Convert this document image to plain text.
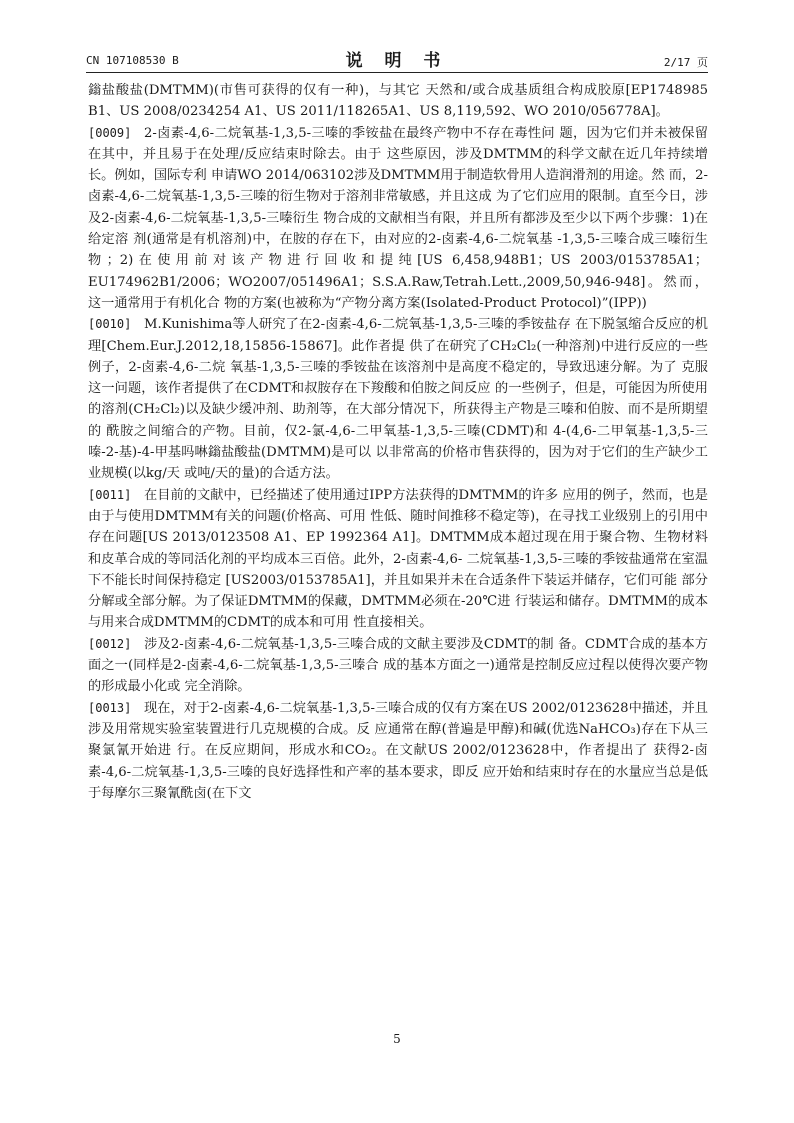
CN 107108530 B	说 明 书	2/17 页

鎓盐酸盐(DMTMM)(市售可获得的仅有一种)，与其它 天然和/或合成基质组合构成胶原[EP1748985 B1、US 2008/0234254 A1、US 2011/118265A1、US 8,119,592、WO 2010/056778A]。

[0009] 2-卤素-4,6-二烷氧基-1,3,5-三嗪的季铵盐在最终产物中不存在毒性问 题，因为它们并未被保留在其中，并且易于在处理/反应结束时除去。由于 这些原因，涉及DMTMM的科学文献在近几年持续增长。例如，国际专利 申请WO 2014/063102涉及DMTMM用于制造软骨用人造润滑剂的用途。然 而，2-卤素-4,6-二烷氧基-1,3,5-三嗪的衍生物对于溶剂非常敏感，并且这成 为了它们应用的限制。直至今日，涉及2-卤素-4,6-二烷氧基-1,3,5-三嗪衍生 物合成的文献相当有限，并且所有都涉及至少以下两个步骤：1)在给定溶 剂(通常是有机溶剂)中，在胺的存在下，由对应的2-卤素-4,6-二烷氧基 -1,3,5-三嗪合成三嗪衍生物；2)在使用前对该产物进行回收和提纯[US 6,458,948B1；US 2003/0153785A1；EU174962B1/2006；WO2007/051496A1；S.S.A.Raw,Tetrah.Lett.,2009,50,946-948]。然而，这一通常用于有机化合 物的方案(也被称为“产物分离方案(Isolated-Product Protocol)”(IPP))

[0010] M.Kunishima等人研究了在2-卤素-4,6-二烷氧基-1,3,5-三嗪的季铵盐存 在下脱氢缩合反应的机理[Chem.Eur.J.2012,18,15856-15867]。此作者提 供了在研究了CH₂Cl₂(一种溶剂)中进行反应的一些例子，2-卤素-4,6-二烷 氧基-1,3,5-三嗪的季铵盐在该溶剂中是高度不稳定的，导致迅速分解。为了 克服这一问题，该作者提供了在CDMT和叔胺存在下羧酸和伯胺之间反应 的一些例子，但是，可能因为所使用的溶剂(CH₂Cl₂)以及缺少缓冲剂、助剂等，在大部分情况下，所获得主产物是三嗪和伯胺、而不是所期望的 酰胺之间缩合的产物。目前，仅2-氯-4,6-二甲氧基-1,3,5-三嗪(CDMT)和 4-(4,6-二甲氧基-1,3,5-三嗪-2-基)-4-甲基吗啉鎓盐酸盐(DMTMM)是可以 以非常高的价格市售获得的，因为对于它们的生产缺少工业规模(以kg/天 或吨/天的量)的合适方法。

[0011] 在目前的文献中，已经描述了使用通过IPP方法获得的DMTMM的许多 应用的例子，然而，也是由于与使用DMTMM有关的问题(价格高、可用 性低、随时间推移不稳定等)，在寻找工业级别上的引用中存在问题[US 2013/0123508 A1、EP 1992364 A1]。DMTMM成本超过现在用于聚合物、生物材料和皮革合成的等同活化剂的平均成本三百倍。此外，2-卤素-4,6- 二烷氧基-1,3,5-三嗪的季铵盐通常在室温下不能长时间保持稳定 [US2003/0153785A1]，并且如果并未在合适条件下装运并储存，它们可能 部分分解或全部分解。为了保证DMTMM的保藏，DMTMM必须在-20℃进 行装运和储存。DMTMM的成本与用来合成DMTMM的CDMT的成本和可用 性直接相关。

[0012] 涉及2-卤素-4,6-二烷氧基-1,3,5-三嗪合成的文献主要涉及CDMT的制 备。CDMT合成的基本方面之一(同样是2-卤素-4,6-二烷氧基-1,3,5-三嗪合 成的基本方面之一)通常是控制反应过程以使得次要产物的形成最小化或 完全消除。

[0013] 现在，对于2-卤素-4,6-二烷氧基-1,3,5-三嗪合成的仅有方案在US 2002/0123628中描述，并且涉及用常规实验室装置进行几克规模的合成。反 应通常在醇(普遍是甲醇)和碱(优选NaHCO₃)存在下从三聚氯氰开始进 行。在反应期间，形成水和CO₂。在文献US 2002/0123628中，作者提出了 获得2-卤素-4,6-二烷氧基-1,3,5-三嗪的良好选择性和产率的基本要求，即反 应开始和结束时存在的水量应当总是低于每摩尔三聚氰酰卤(在下文

5
